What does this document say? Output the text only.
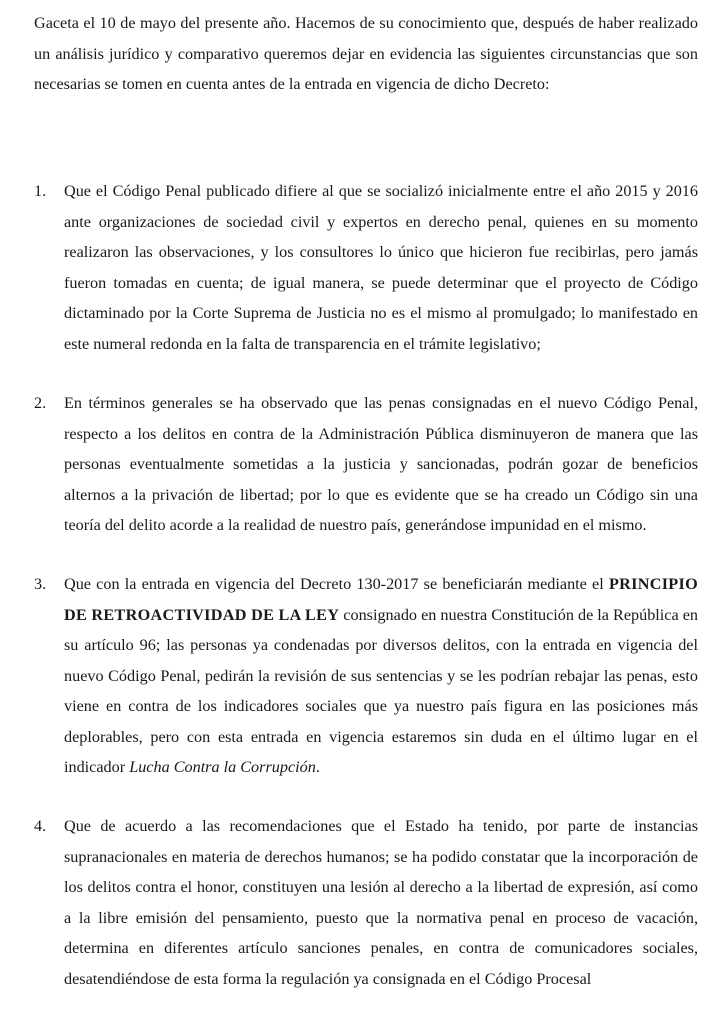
Gaceta el 10 de mayo del presente año. Hacemos de su conocimiento que, después de haber realizado un análisis jurídico y comparativo queremos dejar en evidencia las siguientes circunstancias que son necesarias se tomen en cuenta antes de la entrada en vigencia de dicho Decreto:

1.	Que el Código Penal publicado difiere al que se socializó inicialmente entre el año 2015 y 2016 ante organizaciones de sociedad civil y expertos en derecho penal, quienes en su momento realizaron las observaciones, y los consultores lo único que hicieron fue recibirlas, pero jamás fueron tomadas en cuenta; de igual manera, se puede determinar que el proyecto de Código dictaminado por la Corte Suprema de Justicia no es el mismo al promulgado; lo manifestado en este numeral redonda en la falta de transparencia en el trámite legislativo;
2.	En términos generales se ha observado que las penas consignadas en el nuevo Código Penal, respecto a los delitos en contra de la Administración Pública disminuyeron de manera que las personas eventualmente sometidas a la justicia y sancionadas, podrán gozar de beneficios alternos a la privación de libertad; por lo que es evidente que se ha creado un Código sin una teoría del delito acorde a la realidad de nuestro país, generándose impunidad en el mismo.
3.	Que con la entrada en vigencia del Decreto 130-2017 se beneficiarán mediante el PRINCIPIO DE RETROACTIVIDAD DE LA LEY consignado en nuestra Constitución de la República en su artículo 96; las personas ya condenadas por diversos delitos, con la entrada en vigencia del nuevo Código Penal, pedirán la revisión de sus sentencias y se les podrían rebajar las penas, esto viene en contra de los indicadores sociales que ya nuestro país figura en las posiciones más deplorables, pero con esta entrada en vigencia estaremos sin duda en el último lugar en el indicador Lucha Contra la Corrupción.
4.	Que de acuerdo a las recomendaciones que el Estado ha tenido, por parte de instancias supranacionales en materia de derechos humanos; se ha podido constatar que la incorporación de los delitos contra el honor, constituyen una lesión al derecho a la libertad de expresión, así como a la libre emisión del pensamiento, puesto que la normativa penal en proceso de vacación, determina en diferentes artículo sanciones penales, en contra de comunicadores sociales, desatendiéndose de esta forma la regulación ya consignada en el Código Procesal
